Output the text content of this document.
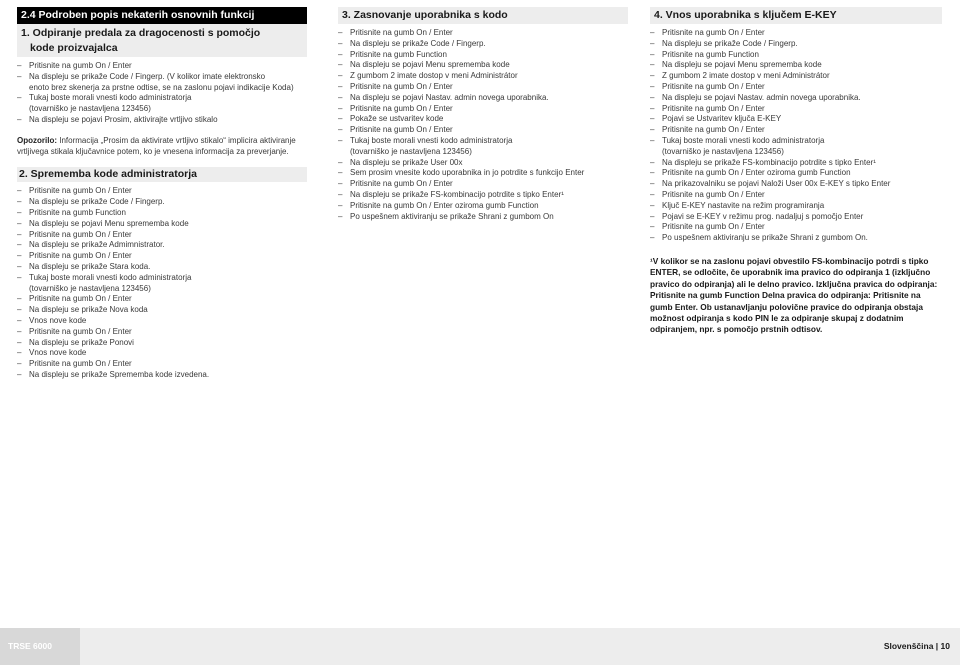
2.4 Podroben popis nekaterih osnovnih funkcij
1. Odpiranje predala za dragocenosti s pomočjo
kode proizvajalca
– Pritisnite na gumb On / Enter
– Na displeju se prikaže Code / Fingerp. (V kolikor imate elektronsko
enoto brez skenerja za prstne odtise, se na zaslonu pojavi indikacije Koda)
– Tukaj boste morali vnesti kodo administratorja
(tovarniško je nastavljena 123456)
– Na displeju se pojavi Prosim, aktivirajte vrtljivo stikalo

Opozorilo: Informacija „Prosim da aktivirate vrtljivo stikalo“ implicira aktiviranje vrtljivega stikala ključavnice potem, ko je vnesena informacija za preverjanje.

2. Sprememba kode administratorja
– Pritisnite na gumb On / Enter
– Na displeju se prikaže Code / Fingerp.
– Pritisnite na gumb Function
– Na displeju se pojavi Menu sprememba kode
– Pritisnite na gumb On / Enter
– Na displeju se prikaže Admimnistrator.
– Pritisnite na gumb On / Enter
– Na displeju se prikaže Stara koda.
– Tukaj boste morali vnesti kodo administratorja
(tovarniško je nastavljena 123456)
– Pritisnite na gumb On / Enter
– Na displeju se prikaže Nova koda
– Vnos nove kode
– Pritisnite na gumb On / Enter
– Na displeju se prikaže Ponovi
– Vnos nove kode
– Pritisnite na gumb On / Enter
– Na displeju se prikaže Sprememba kode izvedena.
3. Zasnovanje uporabnika s kodo
– Pritisnite na gumb On / Enter
– Na displeju se prikaže Code / Fingerp.
– Pritisnite na gumb Function
– Na displeju se pojavi Menu sprememba kode
– Z gumbom 2 imate dostop v meni Administrátor
– Pritisnite na gumb On / Enter
– Na displeju se pojavi Nastav. admin novega uporabnika.
– Pritisnite na gumb On / Enter
– Pokaže se ustvaritev kode
– Pritisnite na gumb On / Enter
– Tukaj boste morali vnesti kodo administratorja
(tovarniško je nastavljena 123456)
– Na displeju se prikaže User 00x
– Sem prosim vnesite kodo uporabnika in jo potrdite s funkcijo Enter
– Pritisnite na gumb On / Enter
– Na displeju se prikaže FS-kombinacijo potrdite s tipko Enter¹
– Pritisnite na gumb On / Enter oziroma gumb Function
– Po uspešnem aktiviranju se prikaže Shrani z gumbom On
4. Vnos uporabnika s ključem E-KEY
– Pritisnite na gumb On / Enter
– Na displeju se prikaže Code / Fingerp.
– Pritisnite na gumb Function
– Na displeju se pojavi Menu sprememba kode
– Z gumbom 2 imate dostop v meni Administrátor
– Pritisnite na gumb On / Enter
– Na displeju se pojavi Nastav. admin novega uporabnika.
– Pritisnite na gumb On / Enter
– Pojavi se Ustvaritev ključa E-KEY
– Pritisnite na gumb On / Enter
– Tukaj boste morali vnesti kodo administratorja
(tovarniško je nastavljena 123456)
– Na displeju se prikaže FS-kombinacijo potrdite s tipko Enter¹
– Pritisnite na gumb On / Enter oziroma gumb Function
– Na prikazovalniku se pojavi Naloži User 00x E-KEY s tipko Enter
– Pritisnite na gumb On / Enter
– Ključ E-KEY nastavite na režim programiranja
– Pojavi se E-KEY v režimu prog. nadaljuj s pomočjo Enter
– Pritisnite na gumb On / Enter
– Po uspešnem aktiviranju se prikaže Shrani z gumbom On.
¹V kolikor se na zaslonu pojavi obvestilo FS-kombinacijo potrdi s tipko ENTER, se odločite, če uporabnik ima pravico do odpiranja 1 (izključno pravico do odpiranja) ali le delno pravico. Izključna pravica do odpiranja: Pritisnite na gumb Function Delna pravica do odpiranja: Pritisnite na gumb Enter. Ob ustanavljanju polovične pravice do odpiranja obstaja možnost odpiranja s kodo PIN le za odpiranje skupaj z dodatnim odpiranjem, npr. s pomočjo prstnih odtisov.
TRSE 6000	Slovenščina | 10
